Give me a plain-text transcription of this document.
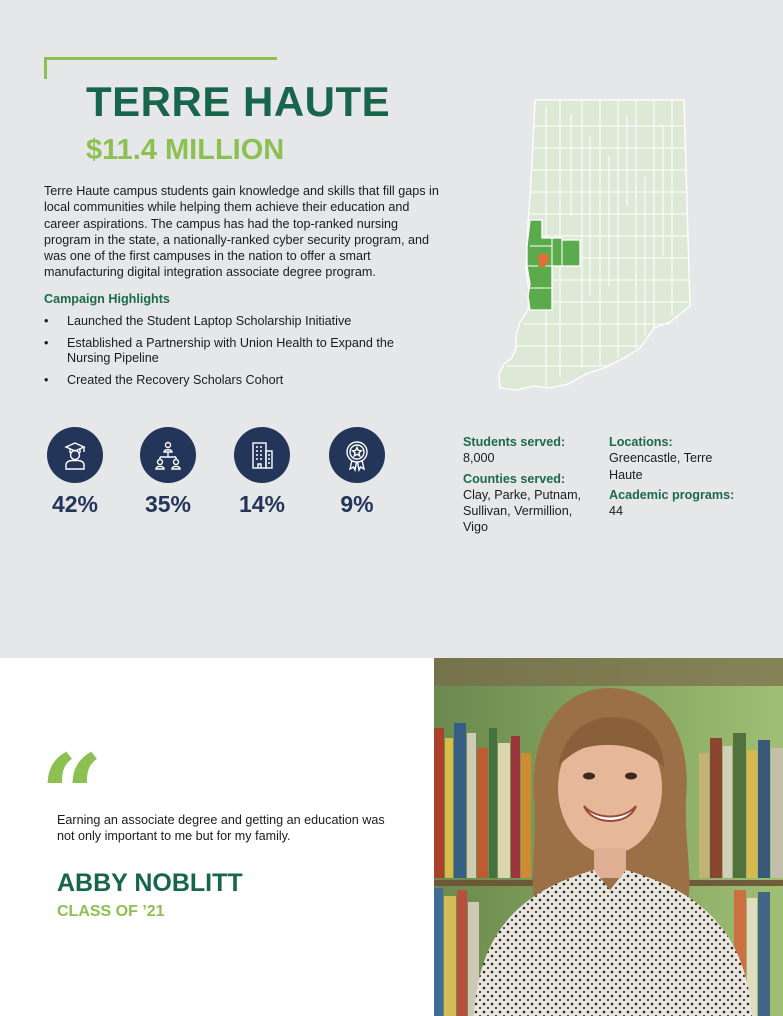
TERRE HAUTE
$11.4 MILLION

Terre Haute campus students gain knowledge and skills that fill gaps in local communities while helping them achieve their education and career aspirations. The campus has had the top-ranked nursing program in the state, a nationally-ranked cyber security program, and was one of the first campuses in the nation to offer a smart manufacturing digital integration associate degree program.

Campaign Highlights
• Launched the Student Laptop Scholarship Initiative
• Established a Partnership with Union Health to Expand the Nursing Pipeline
• Created the Recovery Scholars Cohort
42%	35%	14%	9%
Students served:
8,000
Counties served:
Clay, Parke, Putnam, Sullivan, Vermillion, Vigo
Locations:
Greencastle, Terre Haute
Academic programs:
44
“

Earning an associate degree and getting an education was not only important to me but for my family.

ABBY NOBLITT
CLASS OF ’21
